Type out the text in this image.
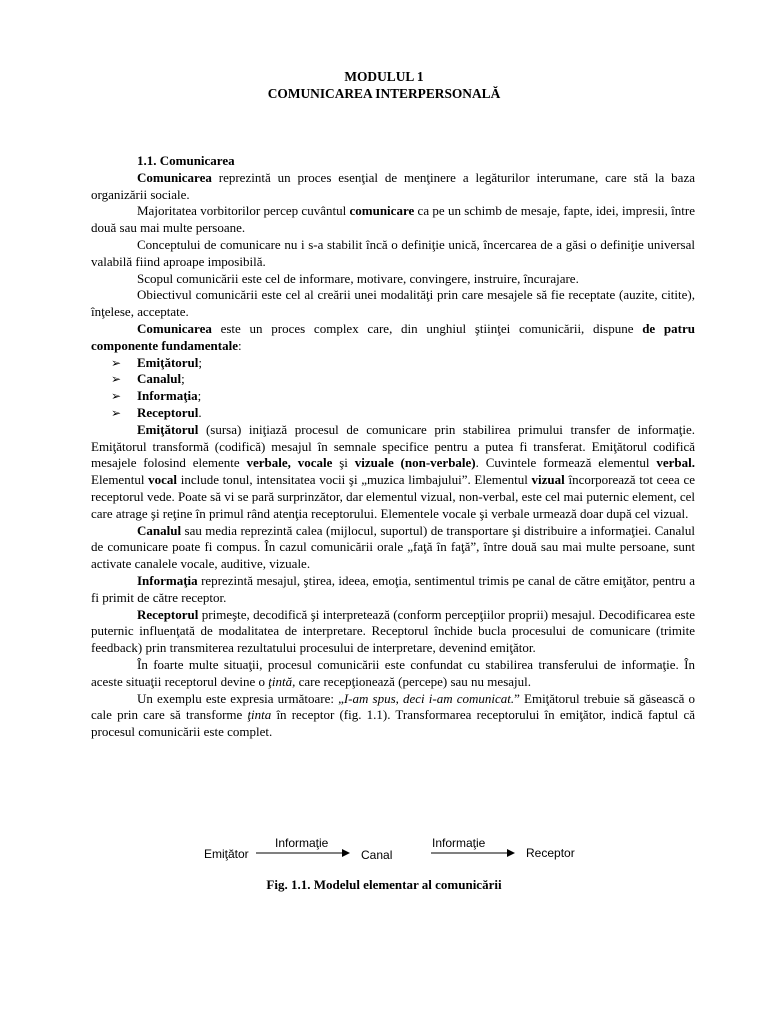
MODULUL 1
COMUNICAREA INTERPERSONALĂ

1.1. Comunicarea

Comunicarea reprezintă un proces esenţial de menţinere a legăturilor interumane, care stă la baza organizării sociale.

Majoritatea vorbitorilor percep cuvântul comunicare ca pe un schimb de mesaje, fapte, idei, impresii, între două sau mai multe persoane.

Conceptului de comunicare nu i s-a stabilit încă o definiţie unică, încercarea de a găsi o definiţie universal valabilă fiind aproape imposibilă.

Scopul comunicării este cel de informare, motivare, convingere, instruire, încurajare.

Obiectivul comunicării este cel al creării unei modalităţi prin care mesajele să fie receptate (auzite, citite), înţelese, acceptate.

Comunicarea este un proces complex care, din unghiul ştiinţei comunicării, dispune de patru componente fundamentale:

➢ Emiţătorul;
➢ Canalul;
➢ Informaţia;
➢ Receptorul.

Emiţătorul (sursa) iniţiază procesul de comunicare prin stabilirea primului transfer de informaţie. Emiţătorul transformă (codifică) mesajul în semnale specifice pentru a putea fi transferat. Emiţătorul codifică mesajele folosind elemente verbale, vocale şi vizuale (non-verbale). Cuvintele formează elementul verbal. Elementul vocal include tonul, intensitatea vocii şi „muzica limbajului”. Elementul vizual încorporează tot ceea ce receptorul vede. Poate să vi se pară surprinzător, dar elementul vizual, non-verbal, este cel mai puternic element, cel care atrage şi reţine în primul rând atenţia receptorului. Elementele vocale şi verbale urmează doar după cel vizual.

Canalul sau media reprezintă calea (mijlocul, suportul) de transportare şi distribuire a informaţiei. Canalul de comunicare poate fi compus. În cazul comunicării orale „faţă în faţă”, între două sau mai multe persoane, sunt activate canalele vocale, auditive, vizuale.

Informaţia reprezintă mesajul, ştirea, ideea, emoţia, sentimentul trimis pe canal de către emiţător, pentru a fi primit de către receptor.

Receptorul primeşte, decodifică şi interpretează (conform percepţiilor proprii) mesajul. Decodificarea este puternic influenţată de modalitatea de interpretare. Receptorul închide bucla procesului de comunicare (trimite feedback) prin transmiterea rezultatului procesului de interpretare, devenind emiţător.

În foarte multe situaţii, procesul comunicării este confundat cu stabilirea transferului de informaţie. În aceste situaţii receptorul devine o ţintă, care recepţionează (percepe) sau nu mesajul.

Un exemplu este expresia următoare: „I-am spus, deci i-am comunicat.” Emiţătorul trebuie să găsească o cale prin care să transforme ţinta în receptor (fig. 1.1). Transformarea receptorului în emiţător, indică faptul că procesul comunicării este complet.

Emiţător
Informaţie
Canal
Informaţie
Receptor
Fig. 1.1. Modelul elementar al comunicării
